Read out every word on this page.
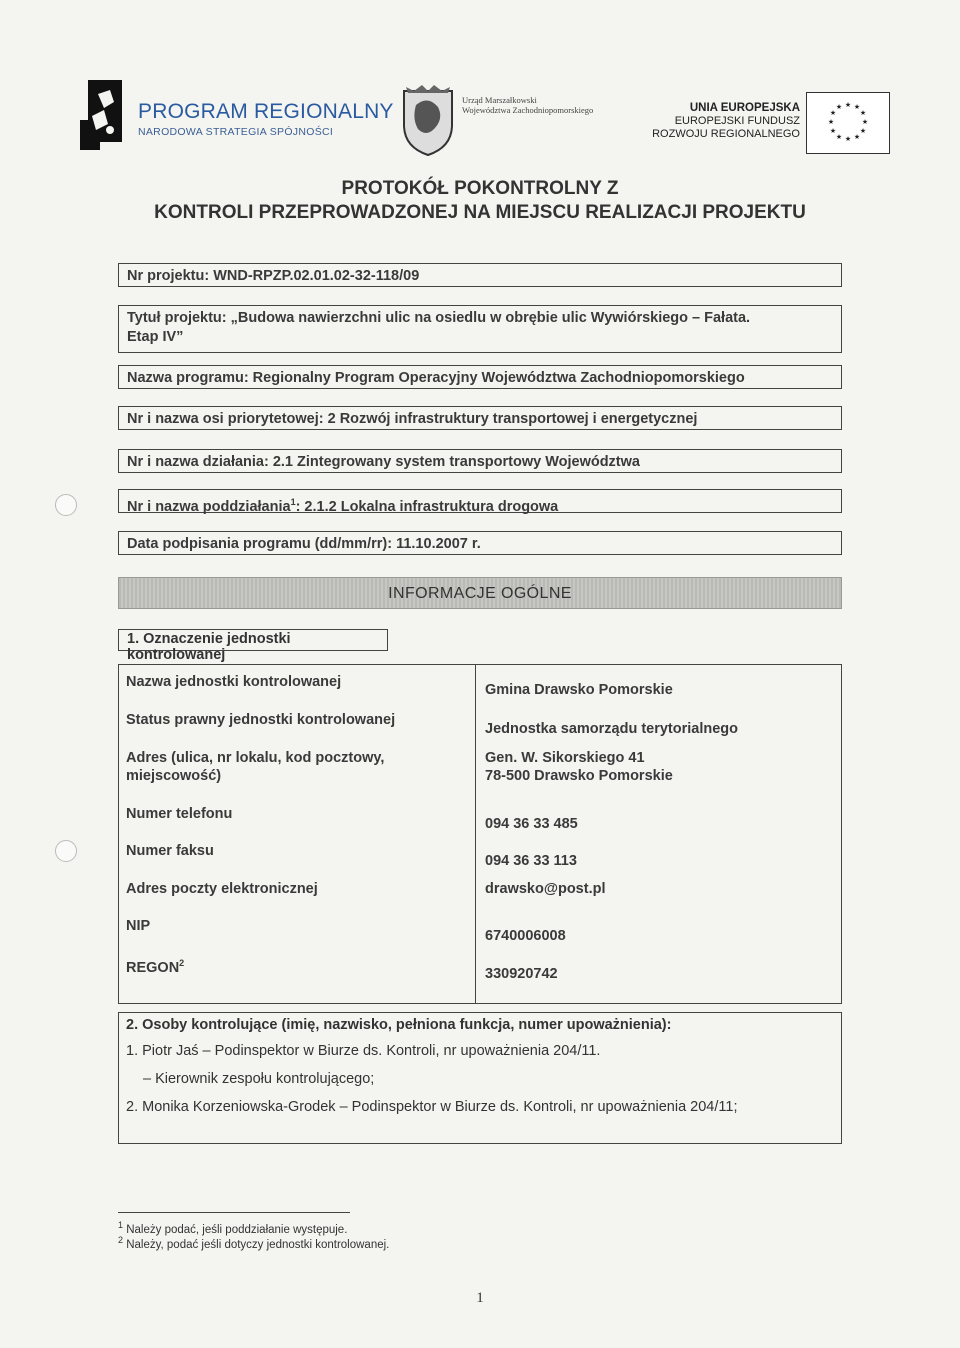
PROGRAM REGIONALNY
NARODOWA STRATEGIA SPÓJNOŚCI
Urząd Marszałkowski
Województwa Zachodniopomorskiego	UNIA EUROPEJSKA
EUROPEJSKI FUNDUSZ
ROZWOJU REGIONALNEGO
★ ★
★
★
★
★
★
★
★
★
★
★
PROTOKÓŁ POKONTROLNY Z
KONTROLI PRZEPROWADZONEJ NA MIEJSCU REALIZACJI PROJEKTU
Nr projektu: WND-RPZP.02.01.02-32-118/09
Tytuł projektu: „Budowa nawierzchni ulic na osiedlu w obrębie ulic Wywiórskiego – Fałata.
Etap IV”
Nazwa programu: Regionalny Program Operacyjny Województwa Zachodniopomorskiego
Nr i nazwa osi priorytetowej: 2 Rozwój infrastruktury transportowej i energetycznej
Nr i nazwa działania: 2.1 Zintegrowany system transportowy Województwa
Nr i nazwa poddziałania$^1$: 2.1.2 Lokalna infrastruktura drogowa
Data podpisania programu (dd/mm/rr): 11.10.2007 r.
INFORMACJE OGÓLNE
1. Oznaczenie jednostki kontrolowanej
Nazwa jednostki kontrolowanej
Status prawny jednostki kontrolowanej
Adres (ulica, nr lokalu, kod pocztowy,
miejscowość)
Numer telefonu
Numer faksu
Adres poczty elektronicznej
NIP
REGON$^2$
Gmina Drawsko Pomorskie
Jednostka samorządu terytorialnego
Gen. W. Sikorskiego 41
78-500 Drawsko Pomorskie
094 36 33 485
094 36 33 113
drawsko@post.pl
6740006008
330920742
2. Osoby kontrolujące (imię, nazwisko, pełniona funkcja, numer upoważnienia):
1. Piotr Jaś – Podinspektor w Biurze ds. Kontroli, nr upoważnienia 204/11.
– Kierownik zespołu kontrolującego;
2. Monika Korzeniowska-Grodek – Podinspektor w Biurze ds. Kontroli, nr upoważnienia 204/11;
$^1$ Należy podać, jeśli poddziałanie występuje.
$^2$ Należy, podać jeśli dotyczy jednostki kontrolowanej.
1
